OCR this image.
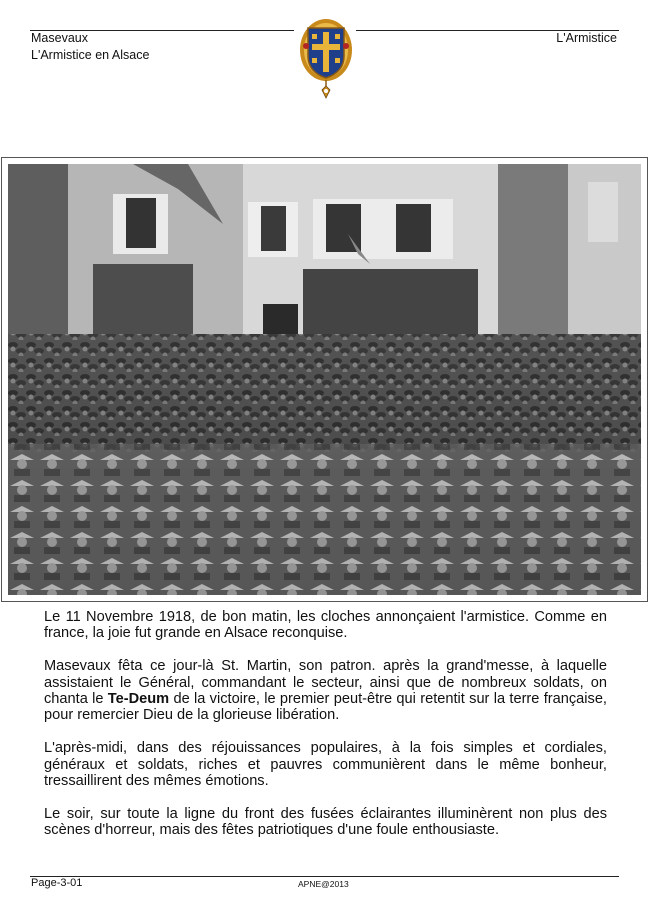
Masevaux
L'Armistice en Alsace
L'Armistice

Le 11 Novembre 1918, de bon matin, les cloches annonçaient l'armistice. Comme en france, la joie fut grande en Alsace reconquise.

Masevaux fêta ce jour-là St. Martin, son patron. après la grand'messe, à laquelle assistaient le Général, commandant le secteur, ainsi que de nombreux soldats, on chanta le Te-Deum de la victoire, le premier peut-être qui retentit sur la terre française, pour remercier Dieu de la glorieuse libération.

L'après-midi, dans des réjouissances populaires, à la fois simples et cordiales, généraux et soldats, riches et pauvres communièrent dans le même bonheur, tressaillirent des mêmes émotions.

Le soir, sur toute la ligne du front des fusées éclairantes illuminèrent non plus des scènes d'horreur, mais des fêtes patriotiques d'une foule enthousiaste.

Page-3-01	APNE@2013
